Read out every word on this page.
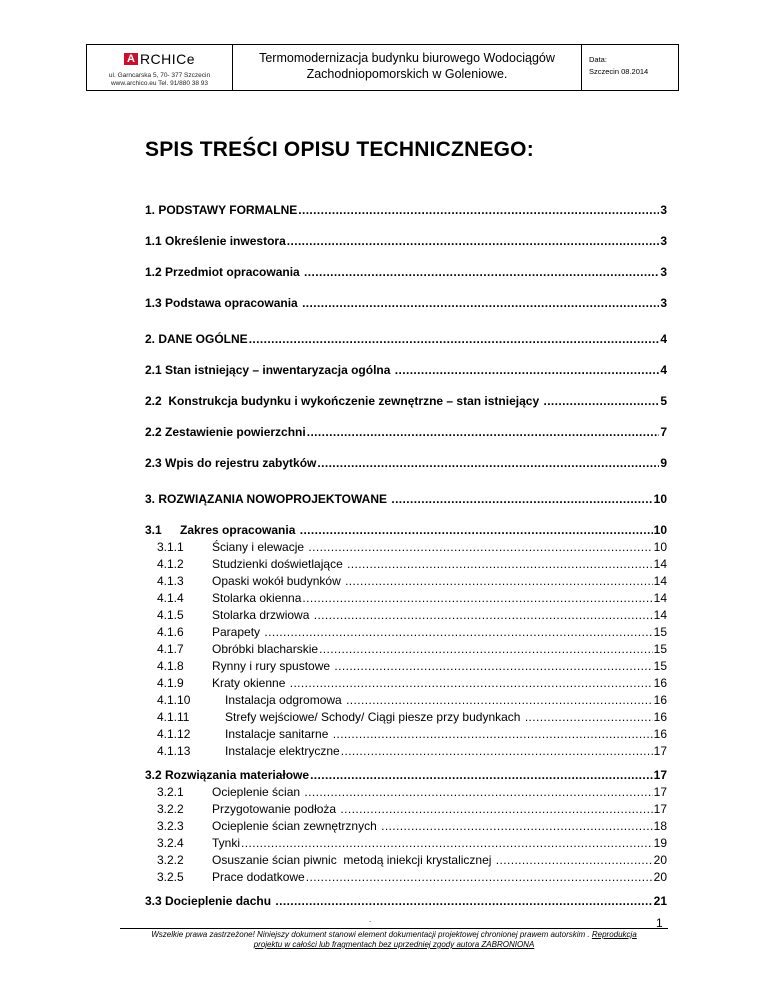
A RCHICe
ul. Garncarska 5, 70- 377 Szczecin
www.archico.eu Tel. 91/880 38 93

Termomodernizacja budynku biurowego Wodociągów
Zachodniopomorskich w Goleniowe.

Data:
Szczecin 08.2014
SPIS TREŚCI OPISU TECHNICZNEGO:
1. PODSTAWY FORMALNE .....	3
1.1 Określenie inwestora .....	3
1.2 Przedmiot opracowania .....	3
1.3 Podstawa opracowania .....	3
2. DANE OGÓLNE .....	4
2.1 Stan istniejący – inwentaryzacja ogólna .....	4
2.2  Konstrukcja budynku i wykończenie zewnętrzne – stan istniejący .....	5
2.2 Zestawienie powierzchni .....	7
2.3 Wpis do rejestru zabytków .....	9
3. ROZWIĄZANIA NOWOPROJEKTOWANE .....	10
3.1	Zakres opracowania .....	10
3.1.1	Ściany i elewacje .....	10
4.1.2	Studzienki doświetlające .....	14
4.1.3	Opaski wokół budynków .....	14
4.1.4	Stolarka okienna .....	14
4.1.5	Stolarka drzwiowa .....	14
4.1.6	Parapety .....	15
4.1.7	Obróbki blacharskie .....	15
4.1.8	Rynny i rury spustowe .....	15
4.1.9	Kraty okienne .....	16
4.1.10	Instalacja odgromowa .....	16
4.1.11	Strefy wejściowe/ Schody/ Ciągi piesze przy budynkach .....	16
4.1.12	Instalacje sanitarne .....	16
4.1.13	Instalacje elektryczne .....	17
3.2 Rozwiązania materiałowe .....	17
3.2.1	Ocieplenie ścian .....	17
3.2.2	Przygotowanie podłoża .....	17
3.2.3	Ocieplenie ścian zewnętrznych .....	18
3.2.4	Tynki .....	19
3.2.2	Osuszanie ścian piwnic  metodą iniekcji krystalicznej .....	20
3.2.5	Prace dodatkowe .....	20
3.3 Docieplenie dachu .....	21
.	1
Wszelkie prawa zastrzeżone! Niniejszy dokument stanowi element dokumentacji projektowej chronionej prawem autorskim . Reprodukcja
projektu w całości lub fragmentach bez uprzedniej zgody autora ZABRONIONA
